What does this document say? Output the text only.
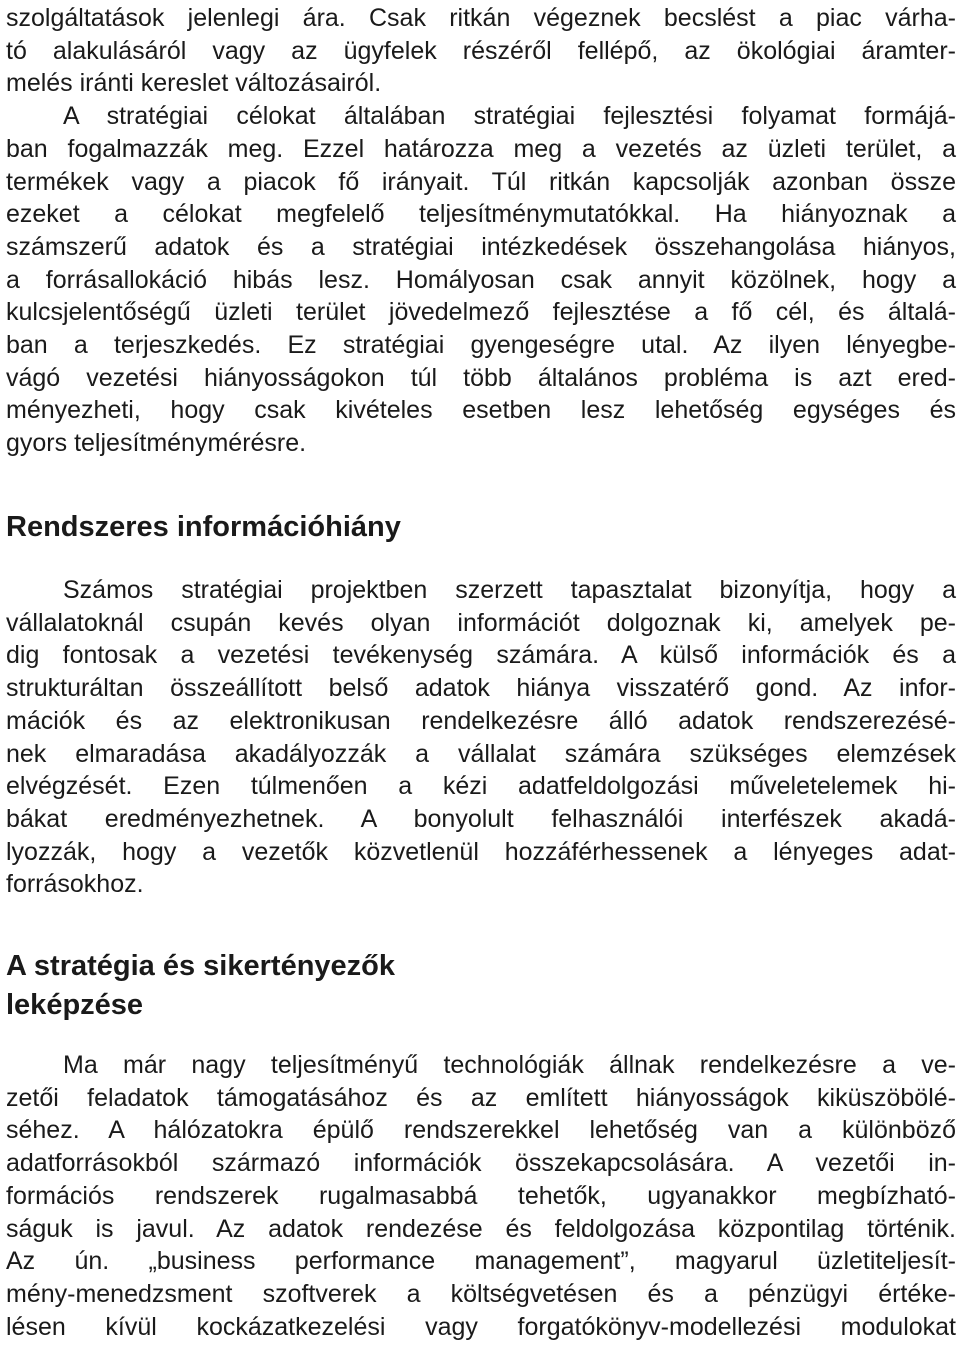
szolgáltatások jelenlegi ára. Csak ritkán végeznek becslést a piac várha-
tó alakulásáról vagy az ügyfelek részéről fellépő, az ökológiai áramter-
melés iránti kereslet változásairól.
A stratégiai célokat általában stratégiai fejlesztési folyamat formájá-
ban fogalmazzák meg. Ezzel határozza meg a vezetés az üzleti terület, a
termékek vagy a piacok fő irányait. Túl ritkán kapcsolják azonban össze
ezeket a célokat megfelelő teljesítménymutatókkal. Ha hiányoznak a
számszerű adatok és a stratégiai intézkedések összehangolása hiányos,
a forrásallokáció hibás lesz. Homályosan csak annyit közölnek, hogy a
kulcsjelentőségű üzleti terület jövedelmező fejlesztése a fő cél, és általá-
ban a terjeszkedés. Ez stratégiai gyengeségre utal. Az ilyen lényegbe-
vágó vezetési hiányosságokon túl több általános probléma is azt ered-
ményezheti, hogy csak kivételes esetben lesz lehetőség egységes és
gyors teljesítménymérésre.

Rendszeres információhiány

Számos stratégiai projektben szerzett tapasztalat bizonyítja, hogy a
vállalatoknál csupán kevés olyan információt dolgoznak ki, amelyek pe-
dig fontosak a vezetési tevékenység számára. A külső információk és a
strukturáltan összeállított belső adatok hiánya visszatérő gond. Az infor-
mációk és az elektronikusan rendelkezésre álló adatok rendszerezésé-
nek elmaradása akadályozzák a vállalat számára szükséges elemzések
elvégzését. Ezen túlmenően a kézi adatfeldolgozási műveletelemek hi-
bákat eredményezhetnek. A bonyolult felhasználói interfészek akadá-
lyozzák, hogy a vezetők közvetlenül hozzáférhessenek a lényeges adat-
forrásokhoz.

A stratégia és sikertényezők
leképzése

Ma már nagy teljesítményű technológiák állnak rendelkezésre a ve-
zetői feladatok támogatásához és az említett hiányosságok kiküszöbölé-
séhez. A hálózatokra épülő rendszerekkel lehetőség van a különböző
adatforrásokból származó információk összekapcsolására. A vezetői in-
formációs rendszerek rugalmasabbá tehetők, ugyanakkor megbízható-
ságuk is javul. Az adatok rendezése és feldolgozása központilag történik.
Az ún. „business performance management”, magyarul üzletiteljesít-
mény-menedzsment szoftverek a költségvetésen és a pénzügyi értéke-
lésen kívül kockázatkezelési vagy forgatókönyv-modellezési modulokat
